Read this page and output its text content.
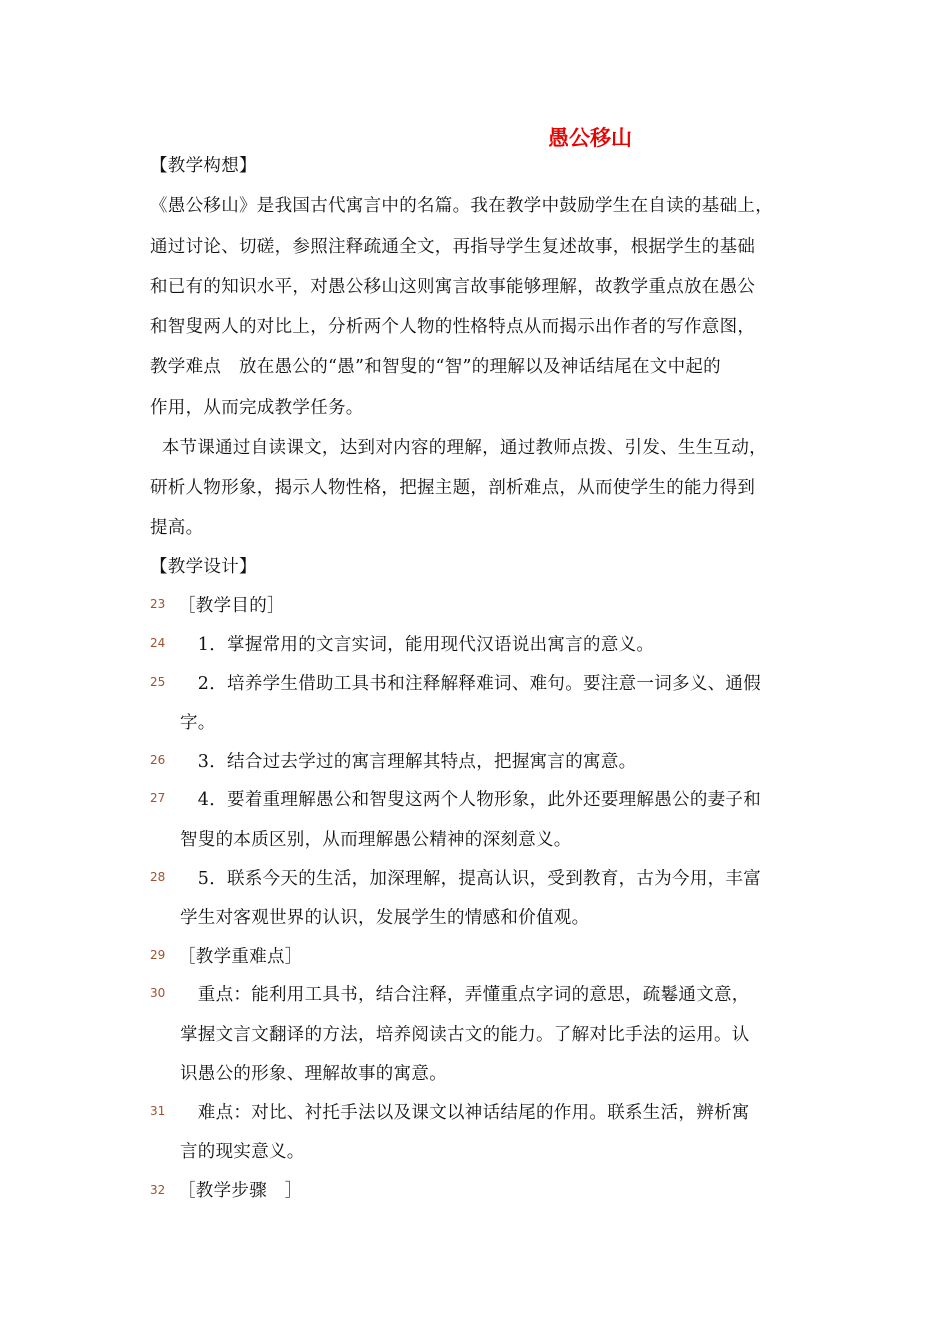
愚公移山
【教学构想】
《愚公移山》是我国古代寓言中的名篇。我在教学中鼓励学生在自读的基础上，
通过讨论、切磋，参照注释疏通全文，再指导学生复述故事，根据学生的基础
和已有的知识水平，对愚公移山这则寓言故事能够理解，故教学重点放在愚公
和智叟两人的对比上，分析两个人物的性格特点从而揭示出作者的写作意图，
教学难点　放在愚公的“愚”和智叟的“智”的理解以及神话结尾在文中起的
作用，从而完成教学任务。
本节课通过自读课文，达到对内容的理解，通过教师点拨、引发、生生互动，
研析人物形象，揭示人物性格，把握主题，剖析难点，从而使学生的能力得到
提高。
【教学设计】
23
24
25
26
27
28
29
30
31
32
［教学目的］
　1．掌握常用的文言实词，能用现代汉语说出寓言的意义。
　2．培养学生借助工具书和注释解释难词、难句。要注意一词多义、通假
字。
　3．结合过去学过的寓言理解其特点，把握寓言的寓意。
　4．要着重理解愚公和智叟这两个人物形象，此外还要理解愚公的妻子和
智叟的本质区别，从而理解愚公精神的深刻意义。
　5．联系今天的生活，加深理解，提高认识，受到教育，古为今用，丰富
学生对客观世界的认识，发展学生的情感和价值观。
［教学重难点］
　重点：能利用工具书，结合注释，弄懂重点字词的意思，疏鬈通文意，
掌握文言文翻译的方法，培养阅读古文的能力。了解对比手法的运用。认
识愚公的形象、理解故事的寓意。
　难点：对比、衬托手法以及课文以神话结尾的作用。联系生活，辨析寓
言的现实意义。
［教学步骤　］
